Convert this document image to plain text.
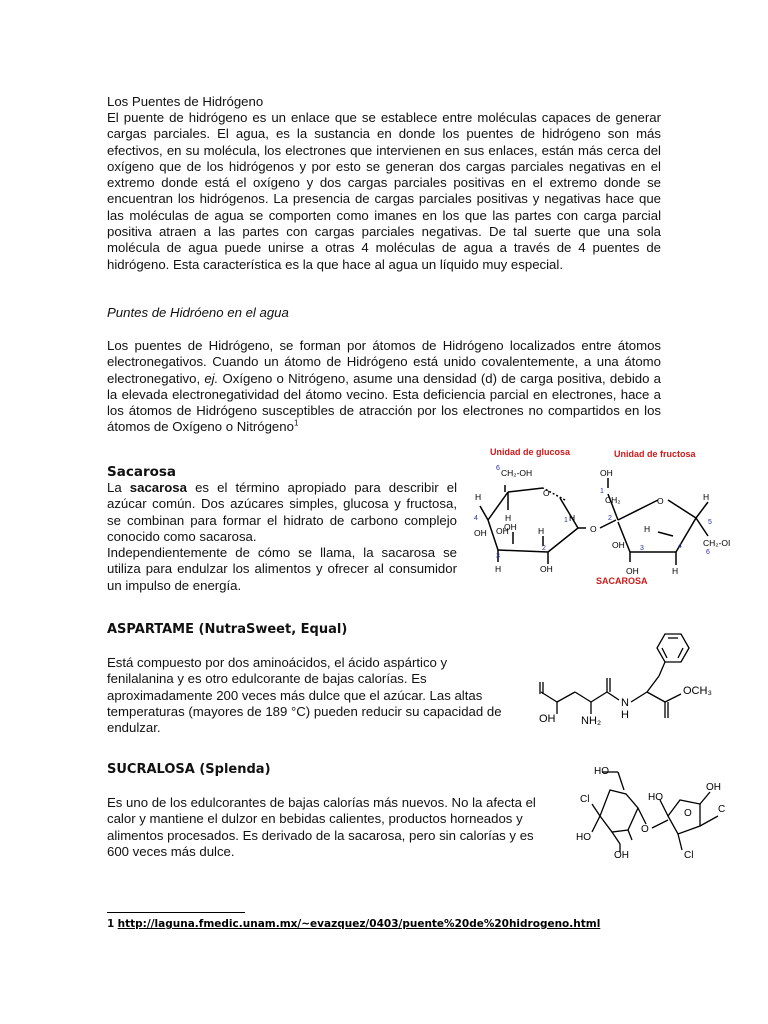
Los Puentes de Hidrógeno
El puente de hidrógeno es un enlace que se establece entre moléculas capaces de generar cargas parciales. El agua, es la sustancia en donde los puentes de hidrógeno son más efectivos, en su molécula, los electrones que intervienen en sus enlaces, están más cerca del oxígeno que de los hidrógenos y por esto se generan dos cargas parciales negativas en el extremo donde está el oxígeno y dos cargas parciales positivas en el extremo donde se encuentran los hidrógenos. La presencia de cargas parciales positivas y negativas hace que las moléculas de agua se comporten como imanes en los que las partes con carga parcial positiva atraen a las partes con cargas parciales negativas. De tal suerte que una sola molécula de agua puede unirse a otras 4 moléculas de agua a través de 4 puentes de hidrógeno. Esta característica es la que hace al agua un líquido muy especial.
Puntes de Hidróeno en el agua
Los puentes de Hidrógeno, se forman por átomos de Hidrógeno localizados entre átomos electronegativos. Cuando un átomo de Hidrógeno está unido covalentemente, a una átomo electronegativo, ej. Oxígeno o Nitrógeno, asume una densidad (d) de carga positiva, debido a la elevada electronegatividad del átomo vecino. Esta deficiencia parcial en electrones, hace a los átomos de Hidrógeno susceptibles de atracción por los electrones no compartidos en los átomos de Oxígeno o Nitrógeno$^1$
Sacarosa
La sacarosa es el término apropiado para describir el azúcar común. Dos azúcares simples, glucosa y fructosa, se combinan para formar el hidrato de carbono complejo conocido como sacarosa.
Independientemente de cómo se llama, la sacarosa se utiliza para endulzar los alimentos y ofrecer al consumidor un impulso de energía.
Unidad de glucosa	Unidad de fructosa
SACAROSA
CH₂-OH
O
H
H
OH
OH
OH	H
H
H	OH
O
OH
CH₂	O	H
H
OH	CH₂-OI
OH	H
6
4
3
2
1
1
2
3	4
5
6
ASPARTAME (NutraSweet, Equal)
Está compuesto por dos aminoácidos, el ácido aspártico y fenilalanina y es otro edulcorante de bajas calorías. Es aproximadamente 200 veces más dulce que el azúcar. Las altas temperaturas (mayores de 189 °C) pueden reducir su capacidad de endulzar.
OCH₃
OH NH₂
N
H
SUCRALOSA (Splenda)
Es uno de los edulcorantes de bajas calorías más nuevos. No la afecta el calor y mantiene el dulzor en bebidas calientes, productos horneados y alimentos procesados. Es derivado de la sacarosa, pero sin calorías y es 600 veces más dulce.
HO
Cl
HO
OH
O
HO
OH
O	C
Cl
1 http://laguna.fmedic.unam.mx/~evazquez/0403/puente%20de%20hidrogeno.html
